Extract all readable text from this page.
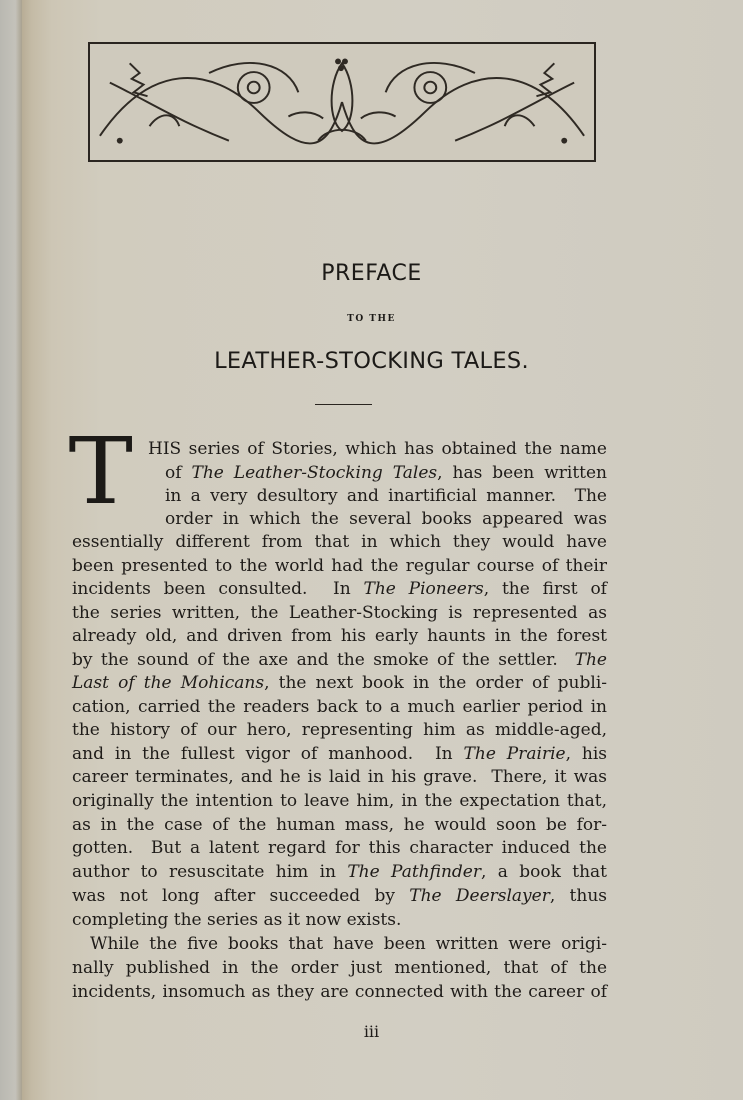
PREFACE
TO THE
LEATHER-STOCKING TALES.
T HIS series of Stories, which has obtained the name
of The Leather-Stocking Tales, has been written
in a very desultory and inartificial manner.  The
order in which the several books appeared was
essentially different from that in which they would have
been presented to the world had the regular course of their
incidents been consulted.  In The Pioneers, the first of
the series written, the Leather-Stocking is represented as
already old, and driven from his early haunts in the forest
by the sound of the axe and the smoke of the settler.  The
Last of the Mohicans, the next book in the order of publi-
cation, carried the readers back to a much earlier period in
the history of our hero, representing him as middle-aged,
and in the fullest vigor of manhood.  In The Prairie, his
career terminates, and he is laid in his grave.  There, it was
originally the intention to leave him, in the expectation that,
as in the case of the human mass, he would soon be for-
gotten.  But a latent regard for this character induced the
author to resuscitate him in The Pathfinder, a book that
was not long after succeeded by The Deerslayer, thus
completing the series as it now exists.
While the five books that have been written were origi-
nally published in the order just mentioned, that of the
incidents, insomuch as they are connected with the career of
iii
